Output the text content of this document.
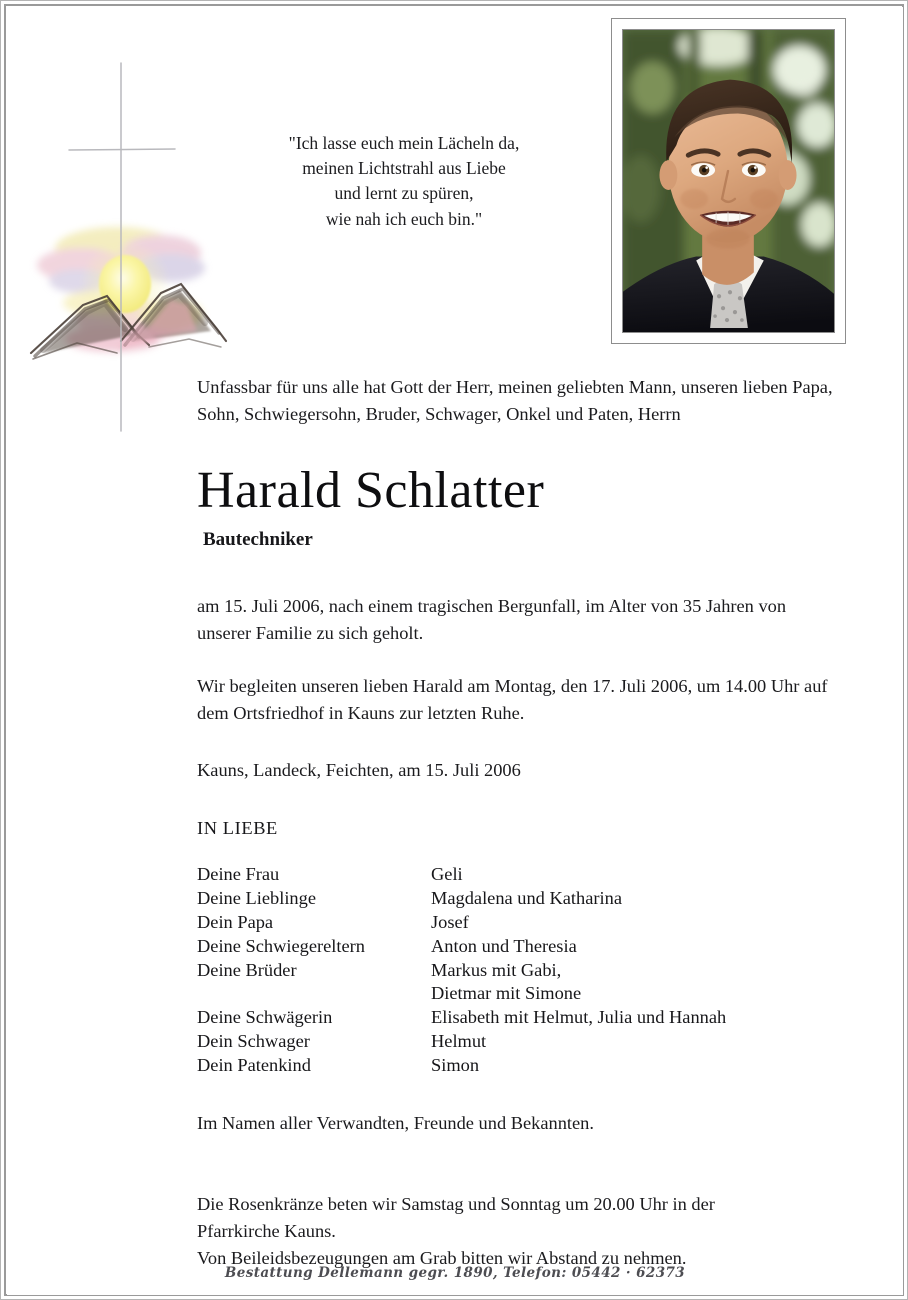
"Ich lasse euch mein Lächeln da,
meinen Lichtstrahl aus Liebe
und lernt zu spüren,
wie nah ich euch bin."

Unfassbar für uns alle hat Gott der Herr, meinen geliebten Mann, unseren lieben Papa, Sohn, Schwiegersohn, Bruder, Schwager, Onkel und Paten, Herrn

Harald Schlatter
Bautechniker

am 15. Juli 2006, nach einem tragischen Bergunfall, im Alter von 35 Jahren von unserer Familie zu sich geholt.

Wir begleiten unseren lieben Harald am Montag, den 17. Juli 2006, um 14.00 Uhr auf dem Ortsfriedhof in Kauns zur letzten Ruhe.

Kauns, Landeck, Feichten, am 15. Juli 2006

IN LIEBE
Deine Frau	Geli
Deine Lieblinge	Magdalena und Katharina
Dein Papa	Josef
Deine Schwiegereltern	Anton und Theresia
Deine Brüder	Markus mit Gabi,
	Dietmar mit Simone
Deine Schwägerin	Elisabeth mit Helmut, Julia und Hannah
Dein Schwager	Helmut
Dein Patenkind	Simon

Im Namen aller Verwandten, Freunde und Bekannten.

Die Rosenkränze beten wir Samstag und Sonntag um 20.00 Uhr in der

Pfarrkirche Kauns.

Von Beileidsbezeugungen am Grab bitten wir Abstand zu nehmen.

Bestattung Dellemann gegr. 1890, Telefon: 05442 · 62373
